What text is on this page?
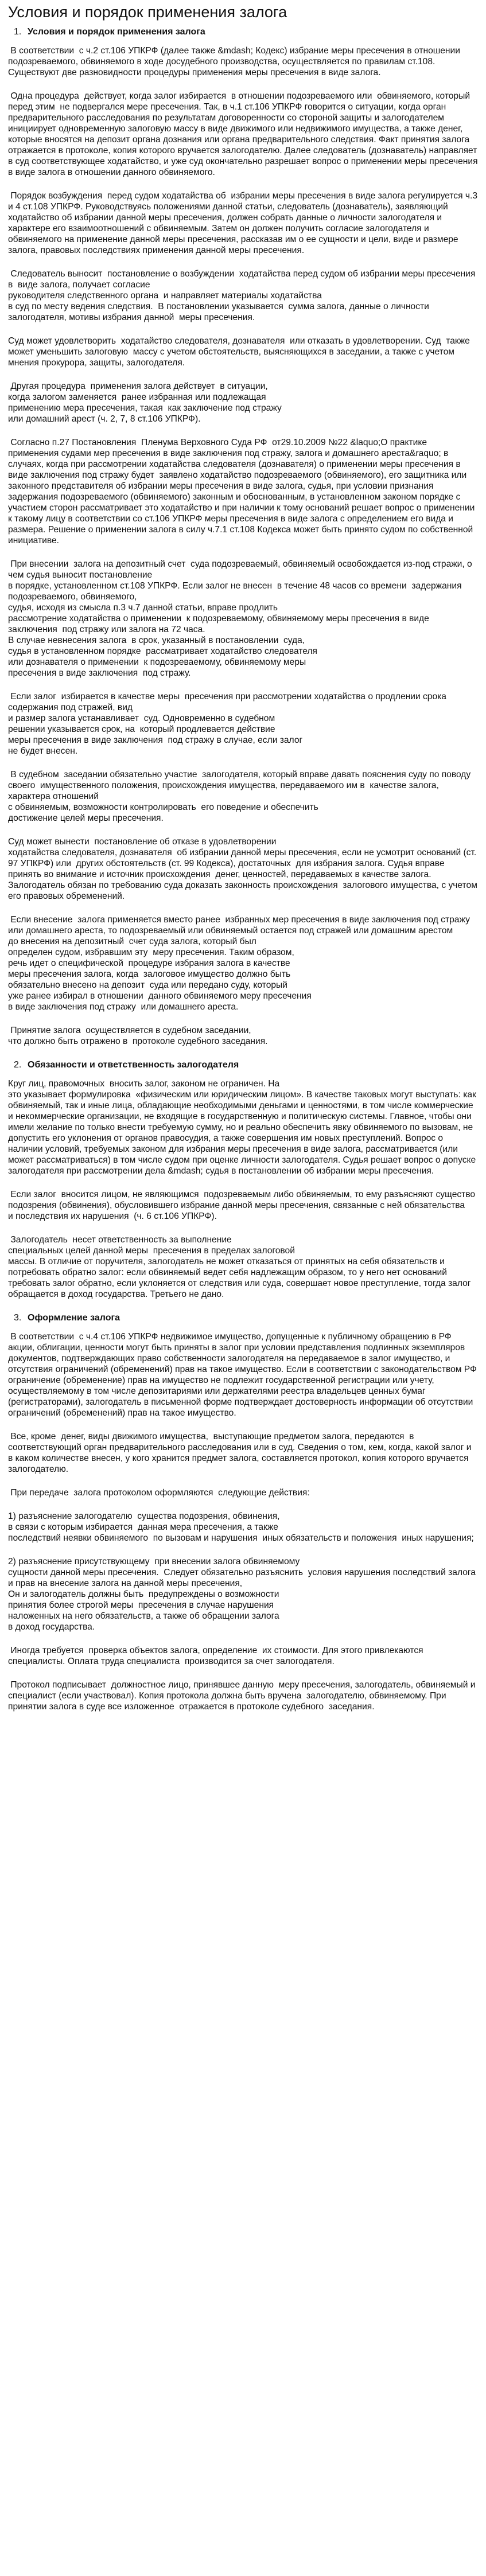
Условия и порядок применения залога
1. Условия и порядок применения залога

В соответствии  с ч.2 ст.106 УПКРФ (далее также &mdash; Кодекс) избрание меры пресечения в отношении подозреваемого, обвиняемого в ходе досудебного производства, осуществляется по правилам ст.108. Существуют две разновидности процедуры применения меры пресечения в виде залога.

Одна процедура  действует, когда залог избирается  в отношении подозреваемого или  обвиняемого, который перед этим  не подвергался мере пресечения. Так, в ч.1 ст.106 УПКРФ говорится о ситуации, когда орган предварительного расследования по результатам договоренности со стороной защиты и залогодателем инициирует одновременную залоговую массу в виде движимого или недвижимого имущества, а также денег, которые вносятся на депозит органа дознания или органа предварительного следствия. Факт принятия залога отражается в протоколе, копия которого вручается залогодателю. Далее следователь (дознаватель) направляет в суд соответствующее ходатайство, и уже суд окончательно разрешает вопрос о применении меры пресечения в виде залога в отношении данного обвиняемого.

Порядок возбуждения  перед судом ходатайства об  избрании меры пресечения в виде залога регулируется ч.3 и 4 ст.108 УПКРФ. Руководствуясь положениями данной статьи, следователь (дознаватель), заявляющий ходатайство об избрании данной меры пресечения, должен собрать данные о личности залогодателя и характере его взаимоотношений с обвиняемым. Затем он должен получить согласие залогодателя и обвиняемого на применение данной меры пресечения, рассказав им о ее сущности и цели, виде и размере залога, правовых последствиях применения данной меры пресечения.

Следователь выносит  постановление о возбуждении  ходатайства перед судом об избрании меры пресечения в  виде залога, получает согласие
руководителя следственного органа  и направляет материалы ходатайства
в суд по месту ведения следствия.  В постановлении указывается  сумма залога, данные о личности  залогодателя, мотивы избрания данной  меры пресечения.

Суд может удовлетворить  ходатайство следователя, дознавателя  или отказать в удовлетворении. Суд  также может уменьшить залоговую  массу с учетом обстоятельств, выясняющихся в заседании, а также с учетом мнения прокурора, защиты, залогодателя.

Другая процедура  применения залога действует  в ситуации,
когда залогом заменяется  ранее избранная или подлежащая
применению мера пресечения, такая  как заключение под стражу
или домашний арест (ч. 2, 7, 8 ст.106 УПКРФ).

Согласно п.27 Постановления  Пленума Верховного Суда РФ  от29.10.2009 №22 &laquo;О практике применения судами мер пресечения в виде заключения под стражу, залога и домашнего ареста&raquo; в случаях, когда при рассмотрении ходатайства следователя (дознавателя) о применении меры пресечения в виде заключения под стражу будет  заявлено ходатайство подозреваемого (обвиняемого), его защитника или законного представителя об избрании меры пресечения в виде залога, судья, при условии признания задержания подозреваемого (обвиняемого) законным и обоснованным, в установленном законом порядке с участием сторон рассматривает это ходатайство и при наличии к тому оснований решает вопрос о применении к такому лицу в соответствии со ст.106 УПКРФ меры пресечения в виде залога с определением его вида и размера. Решение о применении залога в силу ч.7.1 ст.108 Кодекса может быть принято судом по собственной инициативе.

При внесении  залога на депозитный счет  суда подозреваемый, обвиняемый освобождается из-под стражи, о  чем судья выносит постановление
в порядке, установленном ст.108 УПКРФ. Если залог не внесен  в течение 48 часов со времени  задержания подозреваемого, обвиняемого,
судья, исходя из смысла п.3 ч.7 данной статьи, вправе продлить
рассмотрение ходатайства о применении  к подозреваемому, обвиняемому меры пресечения в виде заключения  под стражу или залога на 72 часа.
В случае невнесения залога  в срок, указанный в постановлении  суда,
судья в установленном порядке  рассматривает ходатайство следователя
или дознавателя о применении  к подозреваемому, обвиняемому меры
пресечения в виде заключения  под стражу.

Если залог  избирается в качестве меры  пресечения при рассмотрении ходатайства о продлении срока  содержания под стражей, вид
и размер залога устанавливает  суд. Одновременно в судебном
решении указывается срок, на  который продлевается действие
меры пресечения в виде заключения  под стражу в случае, если залог
не будет внесен.

В судебном  заседании обязательно участие  залогодателя, который вправе давать пояснения суду по поводу своего  имущественного положения, происхождения имущества, передаваемого им в  качестве залога, характера отношений
с обвиняемым, возможности контролировать  его поведение и обеспечить
достижение целей меры пресечения.

Суд может вынести  постановление об отказе в удовлетворении
ходатайства следователя, дознавателя  об избрании данной меры пресечения, если не усмотрит оснований (ст. 97 УПКРФ) или  других обстоятельств (ст. 99 Кодекса), достаточных  для избрания залога. Судья вправе принять во внимание и источник происхождения  денег, ценностей, передаваемых в качестве залога. Залогодатель обязан по требованию суда доказать законность происхождения  залогового имущества, с учетом  его правовых обременений.

Если внесение  залога применяется вместо ранее  избранных мер пресечения в виде заключения под стражу или домашнего ареста, то подозреваемый или обвиняемый остается под стражей или домашним арестом
до внесения на депозитный  счет суда залога, который был
определен судом, избравшим эту  меру пресечения. Таким образом,
речь идет о специфической  процедуре избрания залога в качестве
меры пресечения залога, когда  залоговое имущество должно быть
обязательно внесено на депозит  суда или передано суду, который
уже ранее избирал в отношении  данного обвиняемого меру пресечения
в виде заключения под стражу  или домашнего ареста.

Принятие залога  осуществляется в судебном заседании,
что должно быть отражено в  протоколе судебного заседания.

2. Обязанности и ответственность залогодателя

Круг лиц, правомочных  вносить залог, законом не ограничен. На
это указывает формулировка  «физическим или юридическим лицом». В качестве таковых могут выступать: как обвиняемый, так и иные лица, обладающие необходимыми деньгами и ценностями, в том числе коммерческие
и некоммерческие организации, не входящие в государственную и политическую системы. Главное, чтобы они имели желание по только внести требуемую сумму, но и реально обеспечить явку обвиняемого по вызовам, не допустить его уклонения от органов правосудия, а также совершения им новых преступлений. Вопрос о наличии условий, требуемых законом для избрания меры пресечения в виде залога, рассматривается (или может рассматриваться) в том числе судом при оценке личности залогодателя. Судья решает вопрос о допуске залогодателя при рассмотрении дела &mdash; судья в постановлении об избрании меры пресечения.

Если залог  вносится лицом, не являющимся  подозреваемым либо обвиняемым, то ему разъясняют существо  подозрения (обвинения), обусловившего избрание данной меры пресечения, связанные с ней обязательства
и последствия их нарушения  (ч. 6 ст.106 УПКРФ).

Залогодатель  несет ответственность за выполнение
специальных целей данной меры  пресечения в пределах залоговой
массы. В отличие от поручителя, залогодатель не может отказаться от принятых на себя обязательств и потребовать обратно залог: если обвиняемый ведет себя надлежащим образом, то у него нет оснований требовать залог обратно, если уклоняется от следствия или суда, совершает новое преступление, тогда залог обращается в доход государства. Третьего не дано.

3. Оформление залога

В соответствии  с ч.4 ст.106 УПКРФ недвижимое имущество, допущенные к публичному обращению в РФ акции, облигации, ценности могут быть приняты в залог при условии представления подлинных экземпляров документов, подтверждающих право собственности залогодателя на передаваемое в залог имущество, и отсутствия ограничений (обременений) прав на такое имущество. Если в соответствии с законодательством РФ ограничение (обременение) прав на имущество не подлежит государственной регистрации или учету, осуществляемому в том числе депозитариями или держателями реестра владельцев ценных бумаг (регистраторами), залогодатель в письменной форме подтверждает достоверность информации об отсутствии ограничений (обременений) прав на такое имущество.

Все, кроме  денег, виды движимого имущества,  выступающие предметом залога, передаются  в соответствующий орган предварительного расследования или в суд. Сведения о том, кем, когда, какой залог и в каком количестве внесен, у кого хранится предмет залога, составляется протокол, копия которого вручается залогодателю.

При передаче  залога протоколом оформляются  следующие действия:

1) разъяснение залогодателю  существа подозрения, обвинения,
в связи с которым избирается  данная мера пресечения, а также
последствий неявки обвиняемого  по вызовам и нарушения  иных обязательств и положения  иных нарушения;

2) разъяснение присутствующему  при внесении залога обвиняемому
сущности данной меры пресечения.  Следует обязательно разъяснить  условия нарушения последствий залога и прав на внесение залога на данной меры пресечения,
Он и залогодатель должны быть  предупреждены о возможности
принятия более строгой меры  пресечения в случае нарушения
наложенных на него обязательств, а также об обращении залога
в доход государства.

Иногда требуется  проверка объектов залога, определение  их стоимости. Для этого привлекаются  специалисты. Оплата труда специалиста  производится за счет залогодателя.

Протокол подписывает  должностное лицо, принявшее данную  меру пресечения, залогодатель, обвиняемый и специалист (если участвовал). Копия протокола должна быть вручена  залогодателю, обвиняемому. При принятии залога в суде все изложенное  отражается в протоколе судебного  заседания.
